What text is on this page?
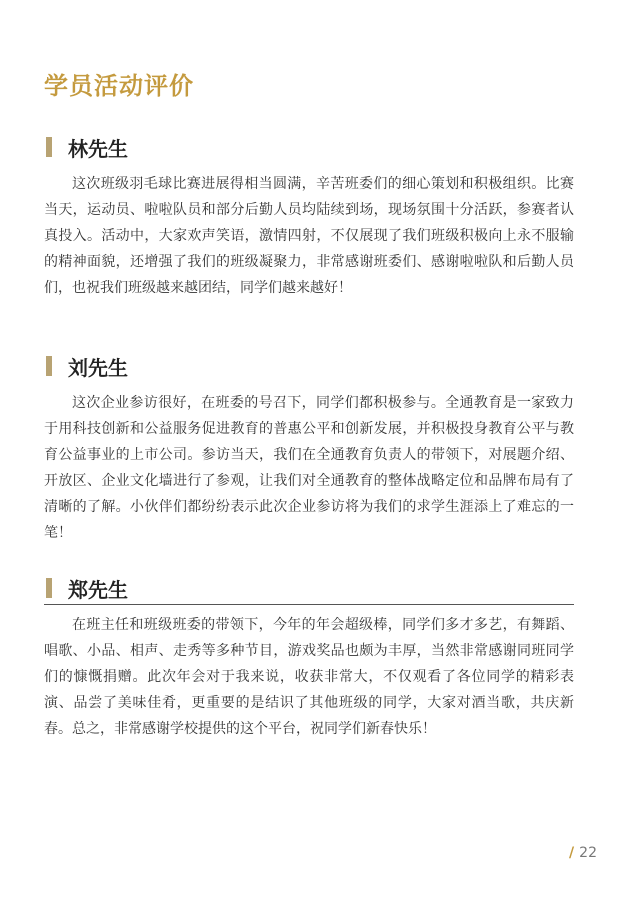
学员活动评价
林先生

这次班级羽毛球比赛进展得相当圆满，辛苦班委们的细心策划和积极组织。比赛当天，运动员、啦啦队员和部分后勤人员均陆续到场，现场氛围十分活跃，参赛者认真投入。活动中，大家欢声笑语，激情四射，不仅展现了我们班级积极向上永不服输的精神面貌，还增强了我们的班级凝聚力，非常感谢班委们、感谢啦啦队和后勤人员们，也祝我们班级越来越团结，同学们越来越好！

刘先生

这次企业参访很好，在班委的号召下，同学们都积极参与。全通教育是一家致力于用科技创新和公益服务促进教育的普惠公平和创新发展，并积极投身教育公平与教育公益事业的上市公司。参访当天，我们在全通教育负责人的带领下，对展题介绍、开放区、企业文化墙进行了参观，让我们对全通教育的整体战略定位和品牌布局有了清晰的了解。小伙伴们都纷纷表示此次企业参访将为我们的求学生涯添上了难忘的一笔！

郑先生

在班主任和班级班委的带领下，今年的年会超级棒，同学们多才多艺，有舞蹈、唱歌、小品、相声、走秀等多种节目，游戏奖品也颇为丰厚，当然非常感谢同班同学们的慷慨捐赠。此次年会对于我来说，收获非常大，不仅观看了各位同学的精彩表演、品尝了美味佳肴，更重要的是结识了其他班级的同学，大家对酒当歌，共庆新春。总之，非常感谢学校提供的这个平台，祝同学们新春快乐！

/ 22
